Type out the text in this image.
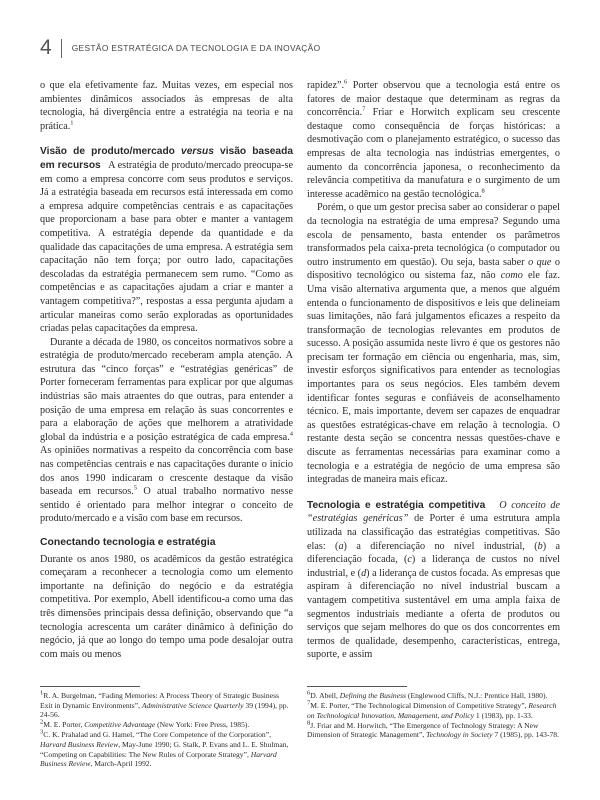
4 GESTÃO ESTRATÉGICA DA TECNOLOGIA E DA INOVAÇÃO

o que ela efetivamente faz. Muitas vezes, em especial nos ambientes dinâmicos associados às empresas de alta tecnologia, há divergência entre a estratégia na teoria e na prática.$^1$

Visão de produto/mercado versus visão baseada em recursos A estratégia de produto/mercado preocupa-se em como a empresa concorre com seus produtos e serviços. Já a estratégia baseada em recursos está interessada em como a empresa adquire competências centrais e as capacitações que proporcionam a base para obter e manter a vantagem competitiva. A estratégia depende da quantidade e da qualidade das capacitações de uma empresa. A estratégia sem capacitação não tem força; por outro lado, capacitações descoladas da estratégia permanecem sem rumo. “Como as competências e as capacitações ajudam a criar e manter a vantagem competitiva?”, respostas a essa pergunta ajudam a articular maneiras como serão exploradas as oportunidades criadas pelas capacitações da empresa.

Durante a década de 1980, os conceitos normativos sobre a estratégia de produto/mercado receberam ampla atenção. A estrutura das “cinco forças” e “estratégias genéricas” de Porter forneceram ferramentas para explicar por que algumas indústrias são mais atraentes do que outras, para entender a posição de uma empresa em relação às suas concorrentes e para a elaboração de ações que melhorem a atratividade global da indústria e a posição estratégica de cada empresa.$^4$ As opiniões normativas a respeito da concorrência com base nas competências centrais e nas capacitações durante o início dos anos 1990 indicaram o crescente destaque da visão baseada em recursos.$^5$ O atual trabalho normativo nesse sentido é orientado para melhor integrar o conceito de produto/mercado e a visão com base em recursos.

Conectando tecnologia e estratégia

Durante os anos 1980, os acadêmicos da gestão estratégica começaram a reconhecer a tecnologia como um elemento importante na definição do negócio e da estratégia competitiva. Por exemplo, Abell identificou-a como uma das três dimensões principais dessa definição, observando que “a tecnologia acrescenta um caráter dinâmico à definição do negócio, já que ao longo do tempo uma pode desalojar outra com mais ou menos

rapidez”.$^6$ Porter observou que a tecnologia está entre os fatores de maior destaque que determinam as regras da concorrência.$^7$ Friar e Horwitch explicam seu crescente destaque como consequência de forças históricas: a desmotivação com o planejamento estratégico, o sucesso das empresas de alta tecnologia nas indústrias emergentes, o aumento da concorrência japonesa, o reconhecimento da relevância competitiva da manufatura e o surgimento de um interesse acadêmico na gestão tecnológica.$^8$

Porém, o que um gestor precisa saber ao considerar o papel da tecnologia na estratégia de uma empresa? Segundo uma escola de pensamento, basta entender os parâmetros transformados pela caixa-preta tecnológica (o computador ou outro instrumento em questão). Ou seja, basta saber o que o dispositivo tecnológico ou sistema faz, não como ele faz. Uma visão alternativa argumenta que, a menos que alguém entenda o funcionamento de dispositivos e leis que delineiam suas limitações, não fará julgamentos eficazes a respeito da transformação de tecnologias relevantes em produtos de sucesso. A posição assumida neste livro é que os gestores não precisam ter formação em ciência ou engenharia, mas, sim, investir esforços significativos para entender as tecnologias importantes para os seus negócios. Eles também devem identificar fontes seguras e confiáveis de aconselhamento técnico. E, mais importante, devem ser capazes de enquadrar as questões estratégicas-chave em relação à tecnologia. O restante desta seção se concentra nessas questões-chave e discute as ferramentas necessárias para examinar como a tecnologia e a estratégia de negócio de uma empresa são integradas de maneira mais eficaz.

Tecnologia e estratégia competitiva O conceito de “estratégias genéricas” de Porter é uma estrutura ampla utilizada na classificação das estratégias competitivas. São elas: (a) a diferenciação no nível industrial, (b) a diferenciação focada, (c) a liderança de custos no nível industrial, e (d) a liderança de custos focada. As empresas que aspiram à diferenciação no nível industrial buscam a vantagem competitiva sustentável em uma ampla faixa de segmentos industriais mediante a oferta de produtos ou serviços que sejam melhores do que os dos concorrentes em termos de qualidade, desempenho, características, entrega, suporte, e assim

$^1$R. A. Burgelman, “Fading Memories: A Process Theory of Strategic Business Exit in Dynamic Environments”, Administrative Science Quarterly 39 (1994), pp. 24-56.

$^2$M. E. Porter, Competitive Advantage (New York: Free Press, 1985).

$^3$C. K. Prahalad and G. Hamel, “The Core Competence of the Corporation”, Harvard Business Review, May-June 1990; G. Stalk, P. Evans and L. E. Shulman, “Competing on Capabilities: The New Rules of Corporate Strategy”, Harvard Business Review, March-April 1992.

$^6$D. Abell, Defining the Business (Englewood Cliffs, N.J.: Prentice Hall, 1980).

$^7$M. E. Porter, “The Technological Dimension of Competitive Strategy”, Research on Technological Innovation, Management, and Policy 1 (1983), pp. 1-33.

$^8$J. Friar and M. Horwitch, “The Emergence of Technology Strategy: A New Dimension of Strategic Management”, Technology in Society 7 (1985), pp. 143-78.
